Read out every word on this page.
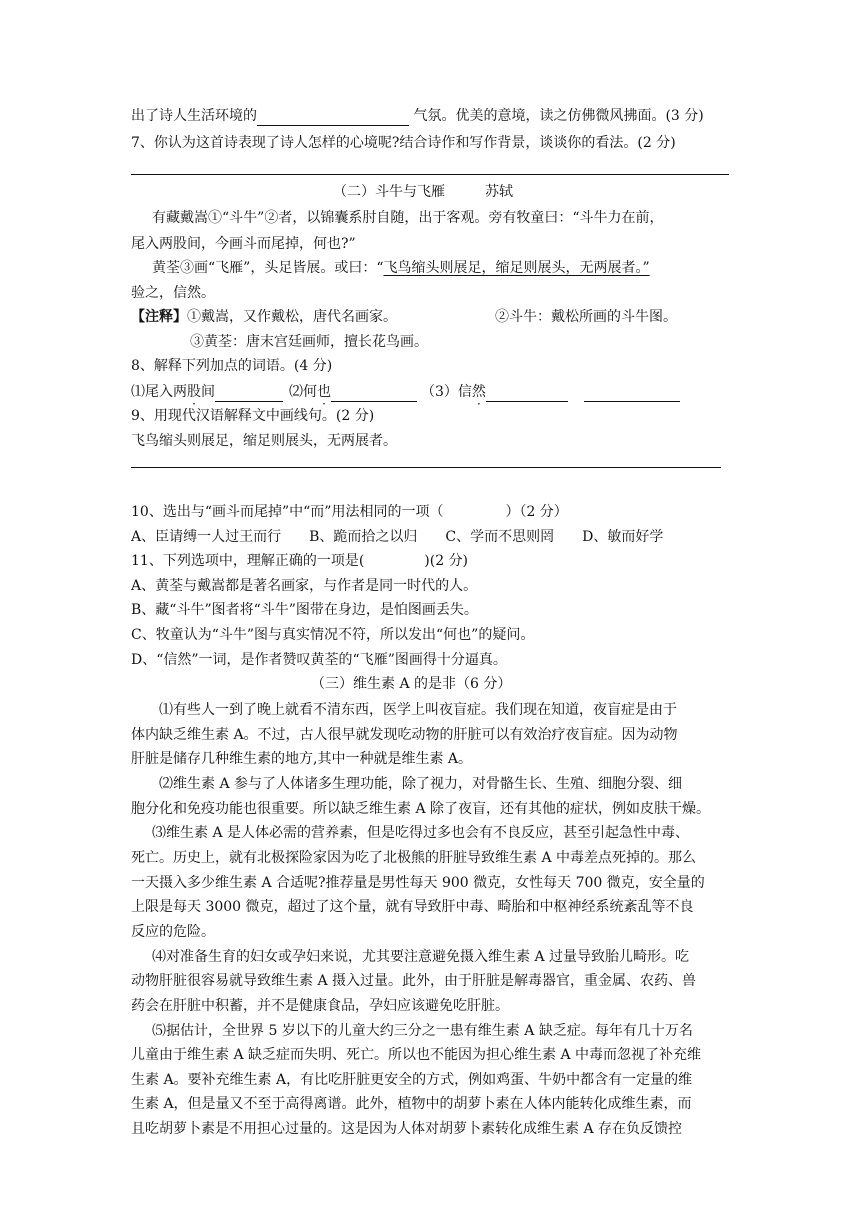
出了诗人生活环境的	气氛。优美的意境，读之仿佛微风拂面。(3 分)
7、你认为这首诗表现了诗人怎样的心境呢?结合诗作和写作背景，谈谈你的看法。(2 分)
（二）斗牛与飞雁	苏轼
有藏戴嵩①“斗牛”②者，以锦囊系肘自随，出于客观。旁有牧童曰：“斗牛力在前，
尾入两股间，今画斗而尾掉，何也?”
黄荃③画“飞雁”，头足皆展。或曰：“飞鸟缩头则展足，缩足则展头，无两展者。”
验之，信然。
【注释】①戴嵩，又作戴松，唐代名画家。	②斗牛：戴松所画的斗牛图。
③黄荃：唐末宫廷画师，擅长花鸟画。
8、解释下列加点的词语。(4 分)
⑴尾入两股间	⑵何也	（3）信然
9、用现代汉语解释文中画线句。(2 分)
飞鸟缩头则展足，缩足则展头，无两展者。
10、选出与“画斗而尾掉”中“而”用法相同的一项（	）（2 分）
A、臣请缚一人过王而行　　B、跪而拾之以归　　C、学而不思则罔　　D、敏而好学
11、下列选项中，理解正确的一项是(	)(2 分)
A、黄荃与戴嵩都是著名画家，与作者是同一时代的人。
B、藏“斗牛”图者将“斗牛”图带在身边，是怕图画丢失。
C、牧童认为“斗牛”图与真实情况不符，所以发出“何也”的疑问。
D、“信然”一词，是作者赞叹黄荃的“飞雁”图画得十分逼真。
（三）维生素 A 的是非（6 分）
⑴有些人一到了晚上就看不清东西，医学上叫夜盲症。我们现在知道，夜盲症是由于
体内缺乏维生素 A。不过，古人很早就发现吃动物的肝脏可以有效治疗夜盲症。因为动物
肝脏是储存几种维生素的地方,其中一种就是维生素 A。
⑵维生素 A 参与了人体诸多生理功能，除了视力，对骨骼生长、生殖、细胞分裂、细
胞分化和免疫功能也很重要。所以缺乏维生素 A 除了夜盲，还有其他的症状，例如皮肤干燥。
⑶维生素 A 是人体必需的营养素，但是吃得过多也会有不良反应，甚至引起急性中毒、
死亡。历史上，就有北极探险家因为吃了北极熊的肝脏导致维生素 A 中毒差点死掉的。那么
一天摄入多少维生素 A 合适呢?推荐量是男性每天 900 微克，女性每天 700 微克，安全量的
上限是每天 3000 微克，超过了这个量，就有导致肝中毒、畸胎和中枢神经系统紊乱等不良
反应的危险。
⑷对准备生育的妇女或孕妇来说，尤其要注意避免摄入维生素 A 过量导致胎儿畸形。吃
动物肝脏很容易就导致维生素 A 摄入过量。此外，由于肝脏是解毒器官，重金属、农药、兽
药会在肝脏中积蓄，并不是健康食品，孕妇应该避免吃肝脏。
⑸据估计，全世界 5 岁以下的儿童大约三分之一患有维生素 A 缺乏症。每年有几十万名
儿童由于维生素 A 缺乏症而失明、死亡。所以也不能因为担心维生素 A 中毒而忽视了补充维
生素 A。要补充维生素 A，有比吃肝脏更安全的方式，例如鸡蛋、牛奶中都含有一定量的维
生素 A，但是量又不至于高得离谱。此外，植物中的胡萝卜素在人体内能转化成维生素，而
且吃胡萝卜素是不用担心过量的。这是因为人体对胡萝卜素转化成维生素 A 存在负反馈控
